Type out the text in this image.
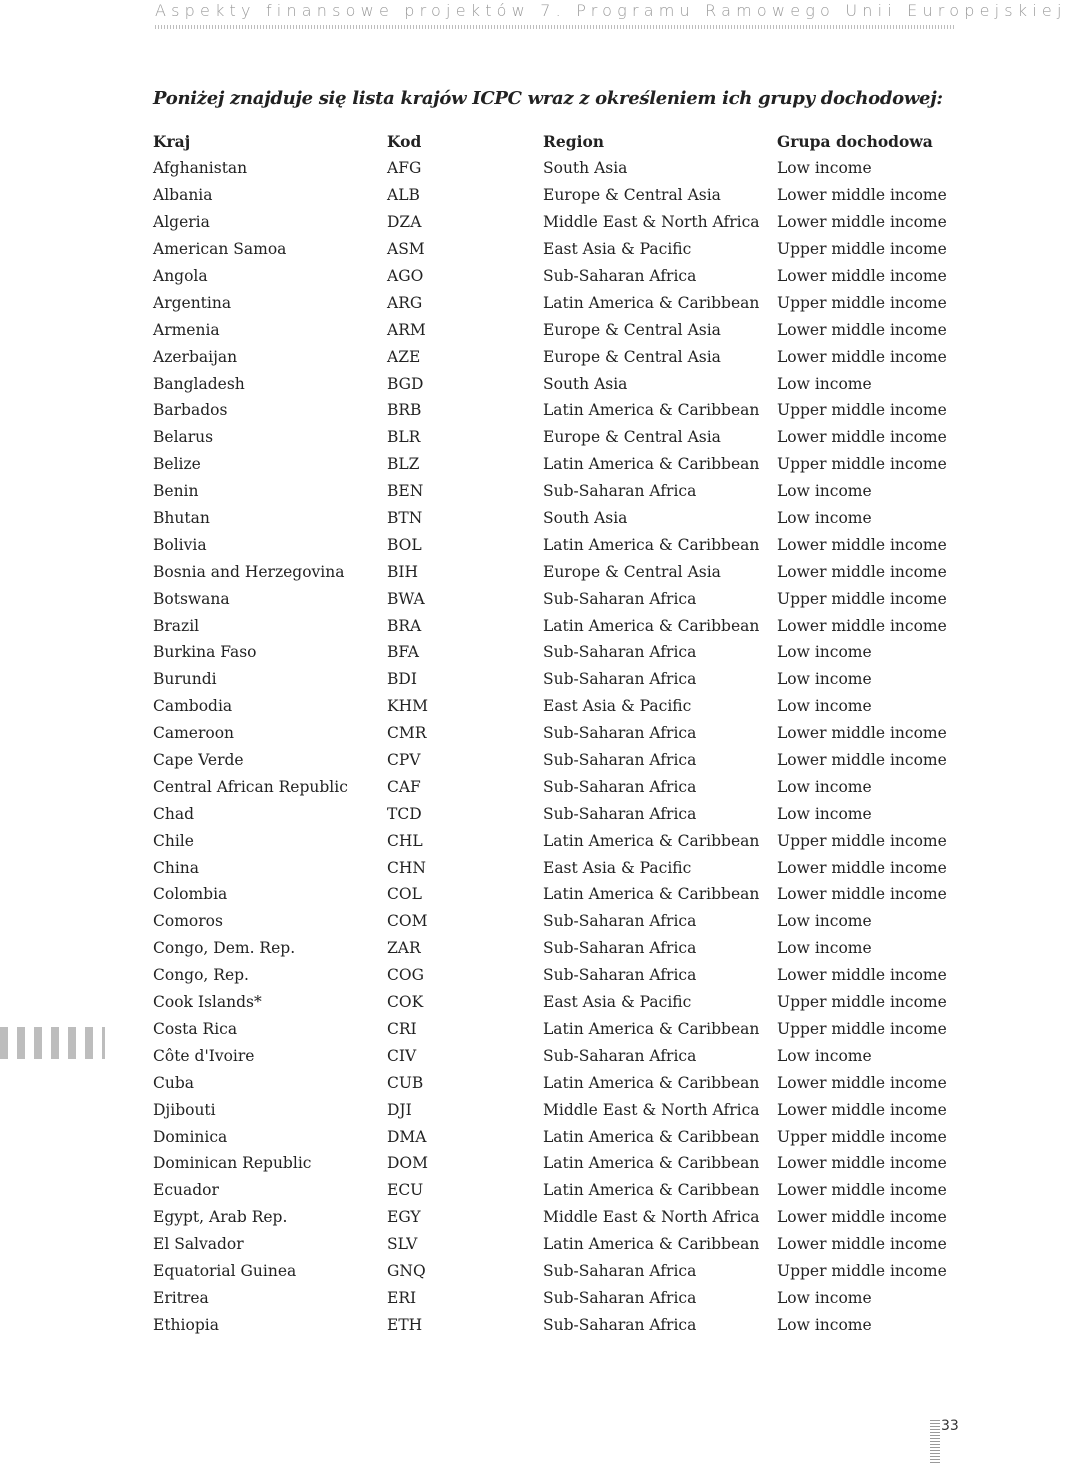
Aspekty finansowe projektów 7. Programu Ramowego Unii Europejskiej

Poniżej znajduje się lista krajów ICPC wraz z określeniem ich grupy dochodowej:

Kraj	Kod	Region	Grupa dochodowa
Afghanistan	AFG	South Asia	Low income
Albania	ALB	Europe & Central Asia	Lower middle income
Algeria	DZA	Middle East & North Africa	Lower middle income
American Samoa	ASM	East Asia & Pacific	Upper middle income
Angola	AGO	Sub-Saharan Africa	Lower middle income
Argentina	ARG	Latin America & Caribbean	Upper middle income
Armenia	ARM	Europe & Central Asia	Lower middle income
Azerbaijan	AZE	Europe & Central Asia	Lower middle income
Bangladesh	BGD	South Asia	Low income
Barbados	BRB	Latin America & Caribbean	Upper middle income
Belarus	BLR	Europe & Central Asia	Lower middle income
Belize	BLZ	Latin America & Caribbean	Upper middle income
Benin	BEN	Sub-Saharan Africa	Low income
Bhutan	BTN	South Asia	Low income
Bolivia	BOL	Latin America & Caribbean	Lower middle income
Bosnia and Herzegovina	BIH	Europe & Central Asia	Lower middle income
Botswana	BWA	Sub-Saharan Africa	Upper middle income
Brazil	BRA	Latin America & Caribbean	Lower middle income
Burkina Faso	BFA	Sub-Saharan Africa	Low income
Burundi	BDI	Sub-Saharan Africa	Low income
Cambodia	KHM	East Asia & Pacific	Low income
Cameroon	CMR	Sub-Saharan Africa	Lower middle income
Cape Verde	CPV	Sub-Saharan Africa	Lower middle income
Central African Republic	CAF	Sub-Saharan Africa	Low income
Chad	TCD	Sub-Saharan Africa	Low income
Chile	CHL	Latin America & Caribbean	Upper middle income
China	CHN	East Asia & Pacific	Lower middle income
Colombia	COL	Latin America & Caribbean	Lower middle income
Comoros	COM	Sub-Saharan Africa	Low income
Congo, Dem. Rep.	ZAR	Sub-Saharan Africa	Low income
Congo, Rep.	COG	Sub-Saharan Africa	Lower middle income
Cook Islands*	COK	East Asia & Pacific	Upper middle income
Costa Rica	CRI	Latin America & Caribbean	Upper middle income
Côte d'Ivoire	CIV	Sub-Saharan Africa	Low income
Cuba	CUB	Latin America & Caribbean	Lower middle income
Djibouti	DJI	Middle East & North Africa	Lower middle income
Dominica	DMA	Latin America & Caribbean	Upper middle income
Dominican Republic	DOM	Latin America & Caribbean	Lower middle income
Ecuador	ECU	Latin America & Caribbean	Lower middle income
Egypt, Arab Rep.	EGY	Middle East & North Africa	Lower middle income
El Salvador	SLV	Latin America & Caribbean	Lower middle income
Equatorial Guinea	GNQ	Sub-Saharan Africa	Upper middle income
Eritrea	ERI	Sub-Saharan Africa	Low income
Ethiopia	ETH	Sub-Saharan Africa	Low income
33
